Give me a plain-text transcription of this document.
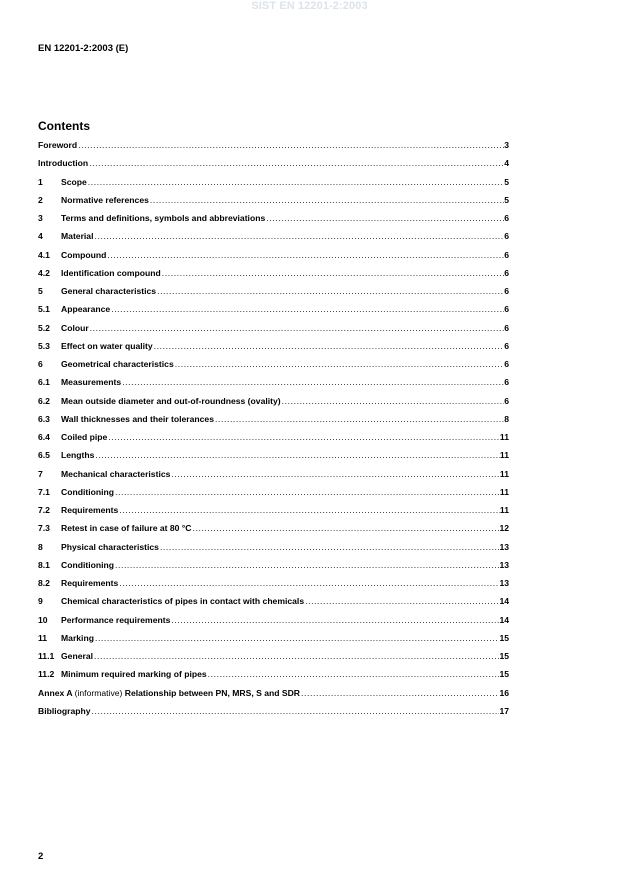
SIST EN 12201-2:2003
EN 12201-2:2003 (E)
Contents
Foreword .....	3
Introduction .....	4
1	Scope .....	5
2	Normative references .....	5
3	Terms and definitions, symbols and abbreviations .....	6
4	Material .....	6
4.1	Compound .....	6
4.2	Identification compound .....	6
5	General characteristics .....	6
5.1	Appearance .....	6
5.2	Colour .....	6
5.3	Effect on water quality .....	6
6	Geometrical characteristics .....	6
6.1	Measurements .....	6
6.2	Mean outside diameter and out-of-roundness (ovality) .....	6
6.3	Wall thicknesses and their tolerances .....	8
6.4	Coiled pipe .....	11
6.5	Lengths .....	11
7	Mechanical characteristics .....	11
7.1	Conditioning .....	11
7.2	Requirements .....	11
7.3	Retest in case of failure at 80 °C .....	12
8	Physical characteristics .....	13
8.1	Conditioning .....	13
8.2	Requirements .....	13
9	Chemical characteristics of pipes in contact with chemicals .....	14
10	Performance requirements .....	14
11	Marking .....	15
11.1 General .....	15
11.2 Minimum required marking of pipes .....	15
Annex A (informative) Relationship between PN, MRS, S and SDR .....	16
Bibliography .....	17
2
